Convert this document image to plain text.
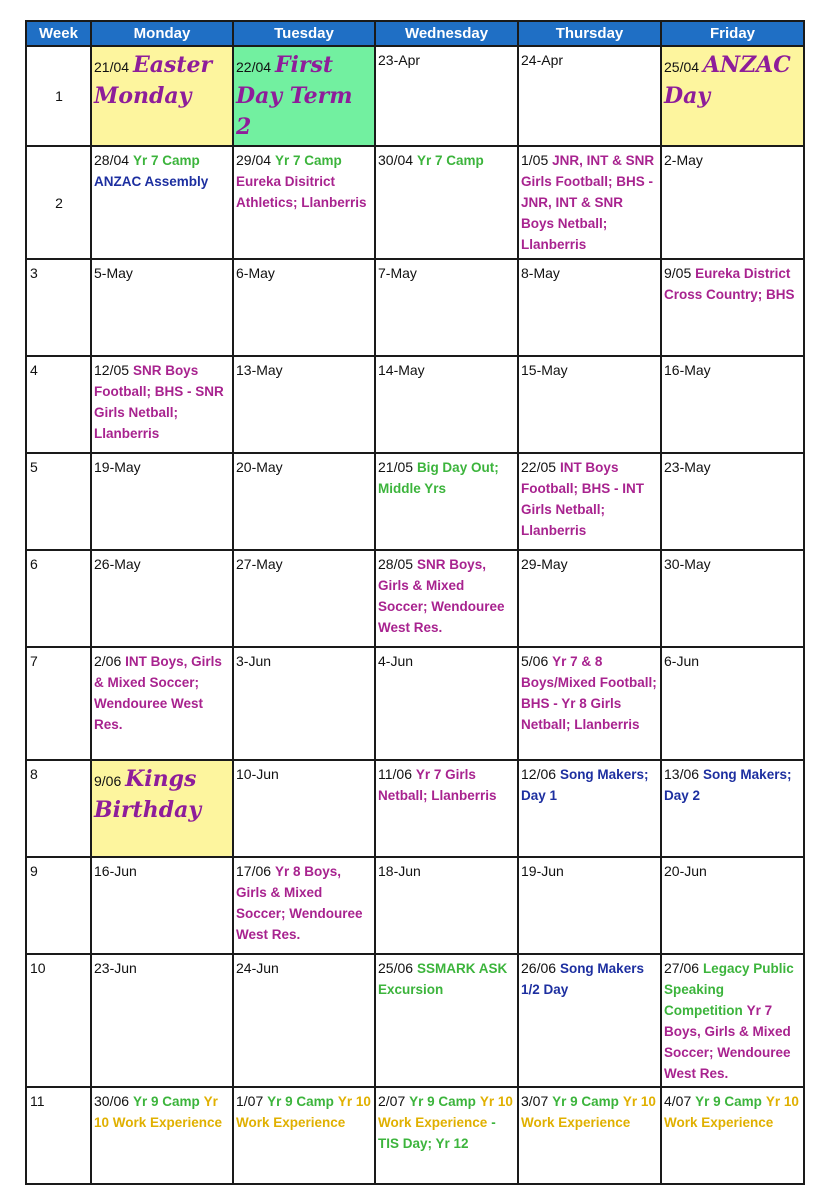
Week	Monday	Tuesday	Wednesday	Thursday	Friday
1	21/04 Easter Monday	22/04 First Day Term 2	23-Apr	24-Apr	25/04 ANZAC Day
2	28/04 Yr 7 Camp ANZAC Assembly	29/04 Yr 7 Camp Eureka Disitrict Athletics; Llanberris	30/04 Yr 7 Camp	1/05 JNR, INT & SNR Girls Football; BHS - JNR, INT & SNR Boys Netball; Llanberris	2-May
3	5-May	6-May	7-May	8-May	9/05 Eureka District Cross Country; BHS
4	12/05 SNR Boys Football; BHS - SNR Girls Netball; Llanberris	13-May	14-May	15-May	16-May
5	19-May	20-May	21/05 Big Day Out; Middle Yrs	22/05 INT Boys Football; BHS - INT Girls Netball; Llanberris	23-May
6	26-May	27-May	28/05 SNR Boys, Girls & Mixed Soccer; Wendouree West Res.	29-May	30-May
7	2/06 INT Boys, Girls & Mixed Soccer; Wendouree West Res.	3-Jun	4-Jun	5/06 Yr 7 & 8 Boys/Mixed Football; BHS - Yr 8 Girls Netball; Llanberris	6-Jun
8	9/06 Kings Birthday	10-Jun	11/06 Yr 7 Girls Netball; Llanberris	12/06 Song Makers; Day 1	13/06 Song Makers; Day 2
9	16-Jun	17/06 Yr 8 Boys, Girls & Mixed Soccer; Wendouree West Res.	18-Jun	19-Jun	20-Jun
10	23-Jun	24-Jun	25/06 SSMARK ASK Excursion	26/06 Song Makers 1/2 Day	27/06 Legacy Public Speaking Competition Yr 7 Boys, Girls & Mixed Soccer; Wendouree West Res.
11	30/06 Yr 9 Camp Yr 10 Work Experience	1/07 Yr 9 Camp Yr 10 Work Experience	2/07 Yr 9 Camp Yr 10 Work Experience - TIS Day; Yr 12	3/07 Yr 9 Camp Yr 10 Work Experience	4/07 Yr 9 Camp Yr 10 Work Experience
